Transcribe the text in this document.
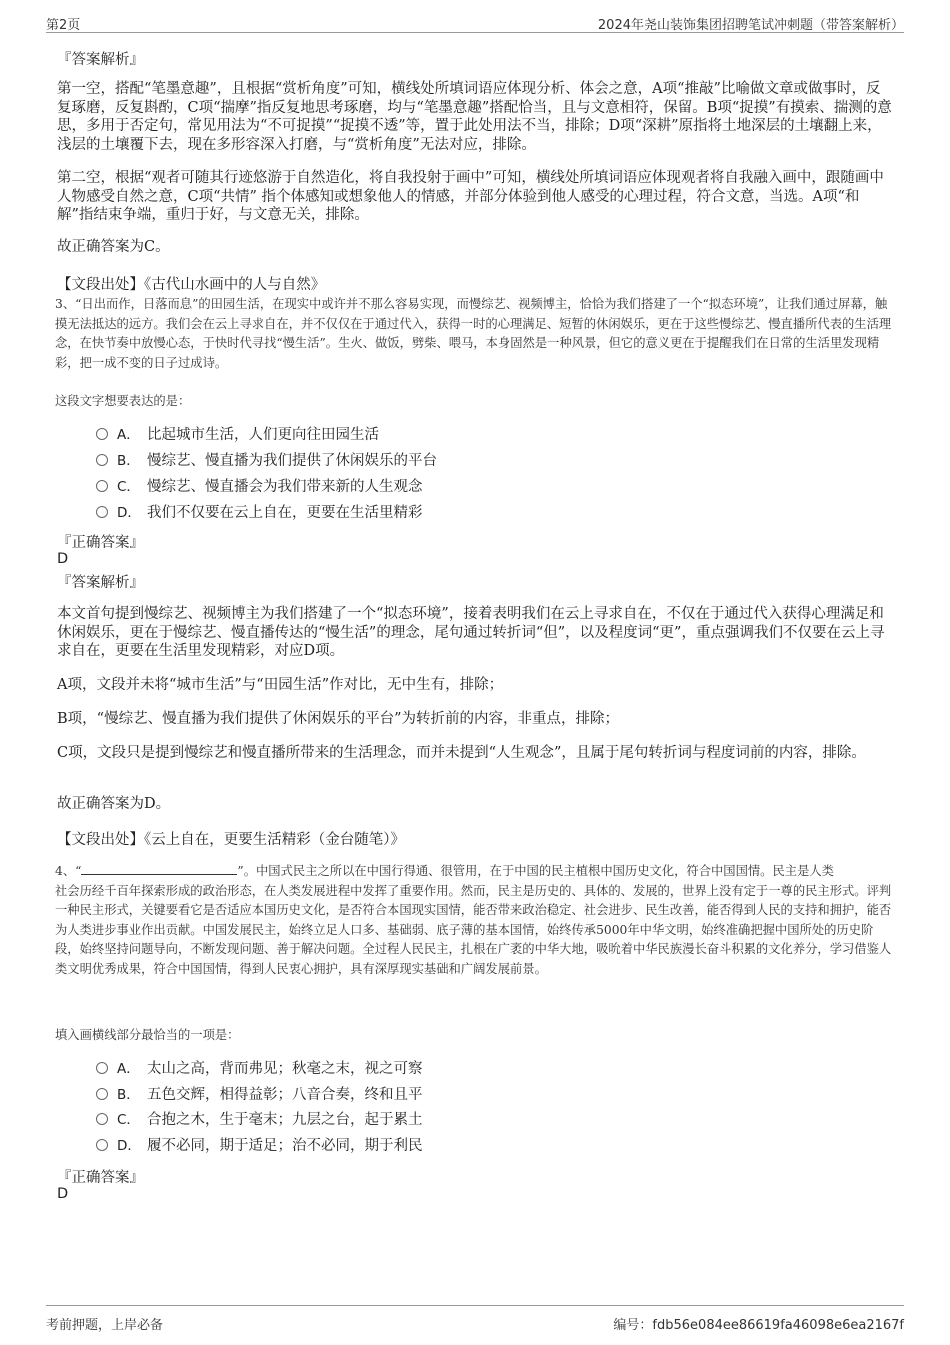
第2页	2024年尧山装饰集团招聘笔试冲刺题（带答案解析）
『答案解析』

第一空，搭配“笔墨意趣”，且根据“赏析角度”可知，横线处所填词语应体现分析、体会之意，A项“推敲”比喻做文章或做事时，反复琢磨，反复斟酌，C项“揣摩”指反复地思考琢磨，均与“笔墨意趣”搭配恰当，且与文意相符，保留。B项“捉摸”有摸索、揣测的意思，多用于否定句，常见用法为“不可捉摸”“捉摸不透”等，置于此处用法不当，排除；D项“深耕”原指将土地深层的土壤翻上来，浅层的土壤覆下去，现在多形容深入打磨，与“赏析角度”无法对应，排除。

第二空，根据“观者可随其行迹悠游于自然造化，将自我投射于画中”可知，横线处所填词语应体现观者将自我融入画中，跟随画中人物感受自然之意，C项“共情” 指个体感知或想象他人的情感，并部分体验到他人感受的心理过程，符合文意，当选。A项“和解”指结束争端，重归于好，与文意无关，排除。

故正确答案为C。
【文段出处】《古代山水画中的人与自然》
3、“日出而作，日落而息”的田园生活，在现实中或许并不那么容易实现，而慢综艺、视频博主，恰恰为我们搭建了一个“拟态环境”，让我们通过屏幕，触摸无法抵达的远方。我们会在云上寻求自在，并不仅仅在于通过代入，获得一时的心理满足、短暂的休闲娱乐，更在于这些慢综艺、慢直播所代表的生活理念，在快节奏中放慢心态，于快时代寻找“慢生活”。生火、做饭，劈柴、喂马，本身固然是一种风景，但它的意义更在于提醒我们在日常的生活里发现精彩，把一成不变的日子过成诗。
这段文字想要表达的是：
A． 比起城市生活，人们更向往田园生活
B． 慢综艺、慢直播为我们提供了休闲娱乐的平台
C． 慢综艺、慢直播会为我们带来新的人生观念
D． 我们不仅要在云上自在，更要在生活里精彩
『正确答案』
D
『答案解析』

本文首句提到慢综艺、视频博主为我们搭建了一个“拟态环境”，接着表明我们在云上寻求自在，不仅在于通过代入获得心理满足和休闲娱乐，更在于慢综艺、慢直播传达的“慢生活”的理念，尾句通过转折词“但”，以及程度词“更”，重点强调我们不仅要在云上寻求自在，更要在生活里发现精彩，对应D项。

A项，文段并未将“城市生活”与“田园生活”作对比，无中生有，排除；

B项，“慢综艺、慢直播为我们提供了休闲娱乐的平台”为转折前的内容，非重点，排除；

C项，文段只是提到慢综艺和慢直播所带来的生活理念，而并未提到“人生观念”，且属于尾句转折词与程度词前的内容，排除。

故正确答案为D。
【文段出处】《云上自在，更要生活精彩（金台随笔）》
4、“	”。中国式民主之所以在中国行得通、很管用，在于中国的民主植根中国历史文化，符合中国国情。民主是人类
社会历经千百年探索形成的政治形态，在人类发展进程中发挥了重要作用。然而，民主是历史的、具体的、发展的，世界上没有定于一尊的民主形式。评判一种民主形式，关键要看它是否适应本国历史文化，是否符合本国现实国情，能否带来政治稳定、社会进步、民生改善，能否得到人民的支持和拥护，能否为人类进步事业作出贡献。中国发展民主，始终立足人口多、基础弱、底子薄的基本国情，始终传承5000年中华文明，始终准确把握中国所处的历史阶段，始终坚持问题导向，不断发现问题、善于解决问题。全过程人民民主，扎根在广袤的中华大地，吸吮着中华民族漫长奋斗积累的文化养分，学习借鉴人类文明优秀成果，符合中国国情，得到人民衷心拥护，具有深厚现实基础和广阔发展前景。
填入画横线部分最恰当的一项是：
A． 太山之高，背而弗见；秋毫之末，视之可察
B． 五色交辉，相得益彰；八音合奏，终和且平
C． 合抱之木，生于毫末；九层之台，起于累土
D． 履不必同，期于适足；治不必同，期于利民
『正确答案』
D
考前押题，上岸必备	编号：fdb56e084ee86619fa46098e6ea2167f
